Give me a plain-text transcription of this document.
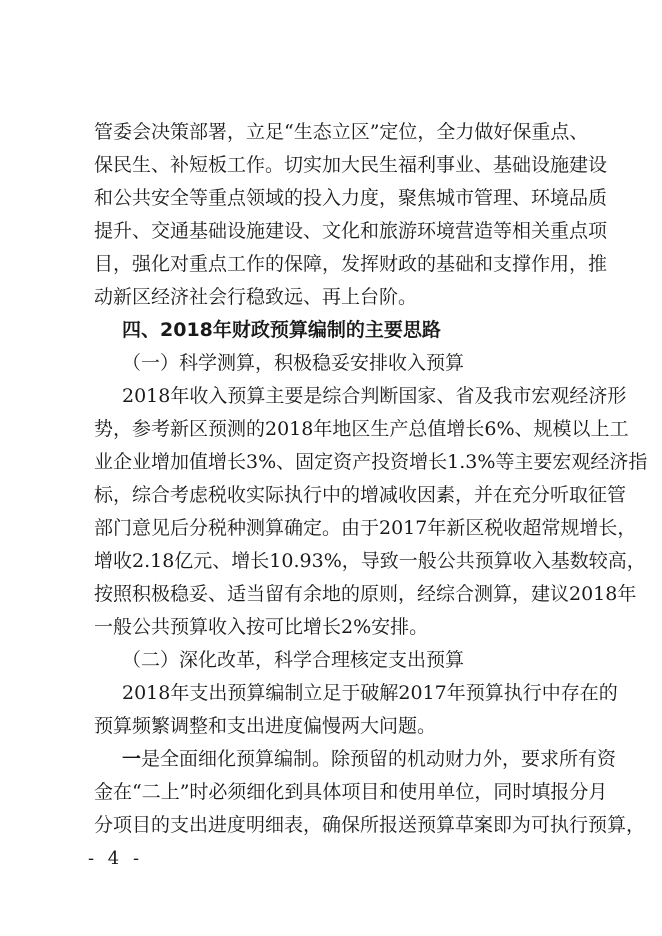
管委会决策部署，立足“生态立区”定位，全力做好保重点、
保民生、补短板工作。切实加大民生福利事业、基础设施建设
和公共安全等重点领域的投入力度，聚焦城市管理、环境品质
提升、交通基础设施建设、文化和旅游环境营造等相关重点项
目，强化对重点工作的保障，发挥财政的基础和支撑作用，推
动新区经济社会行稳致远、再上台阶。
四、2018年财政预算编制的主要思路
（一）科学测算，积极稳妥安排收入预算
2018年收入预算主要是综合判断国家、省及我市宏观经济形
势，参考新区预测的2018年地区生产总值增长6%、规模以上工
业企业增加值增长3%、固定资产投资增长1.3%等主要宏观经济指
标，综合考虑税收实际执行中的增减收因素，并在充分听取征管
部门意见后分税种测算确定。由于2017年新区税收超常规增长，
增收2.18亿元、增长10.93%，导致一般公共预算收入基数较高，
按照积极稳妥、适当留有余地的原则，经综合测算，建议2018年
一般公共预算收入按可比增长2%安排。
（二）深化改革，科学合理核定支出预算
2018年支出预算编制立足于破解2017年预算执行中存在的
预算频繁调整和支出进度偏慢两大问题。
一 是全面细化预算编制。除预留的机动财力外，要求所有资
金在“二上”时必须细化到具体项目和使用单位，同时填报分月
分项目的支出进度明细表，确保所报送预算草案即为可执行预算，
- 4 -
